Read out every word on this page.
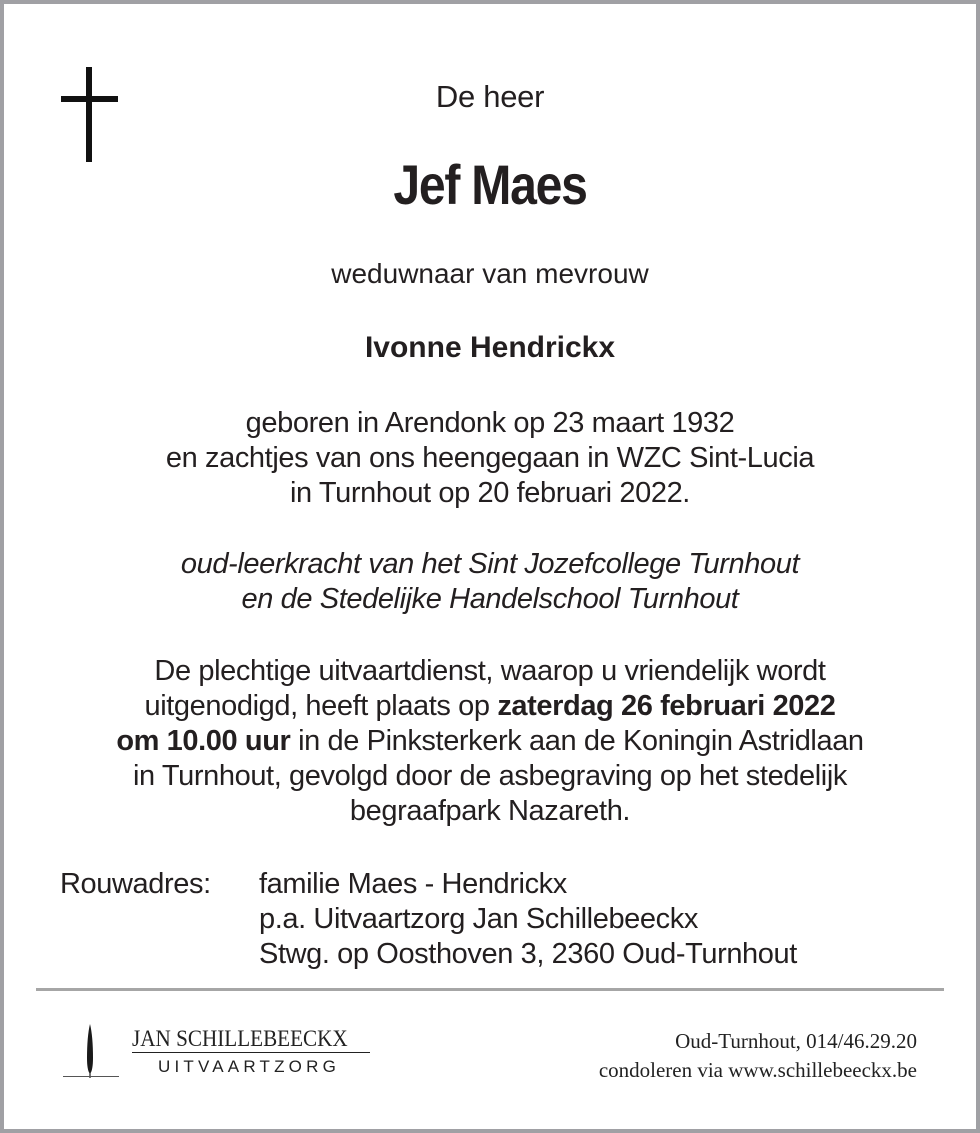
De heer
Jef Maes
weduwnaar van mevrouw
Ivonne Hendrickx
geboren in Arendonk op 23 maart 1932
en zachtjes van ons heengegaan in WZC Sint-Lucia
in Turnhout op 20 februari 2022.
oud-leerkracht van het Sint Jozefcollege Turnhout
en de Stedelijke Handelschool Turnhout
De plechtige uitvaartdienst, waarop u vriendelijk wordt
uitgenodigd, heeft plaats op zaterdag 26 februari 2022
om 10.00 uur in de Pinksterkerk aan de Koningin Astridlaan
in Turnhout, gevolgd door de asbegraving op het stedelijk
begraafpark Nazareth.
Rouwadres: familie Maes - Hendrickx
p.a. Uitvaartzorg Jan Schillebeeckx
Stwg. op Oosthoven 3, 2360 Oud-Turnhout
JAN SCHILLEBEECKX
UITVAARTZORG
Oud-Turnhout, 014/46.29.20
condoleren via www.schillebeeckx.be
